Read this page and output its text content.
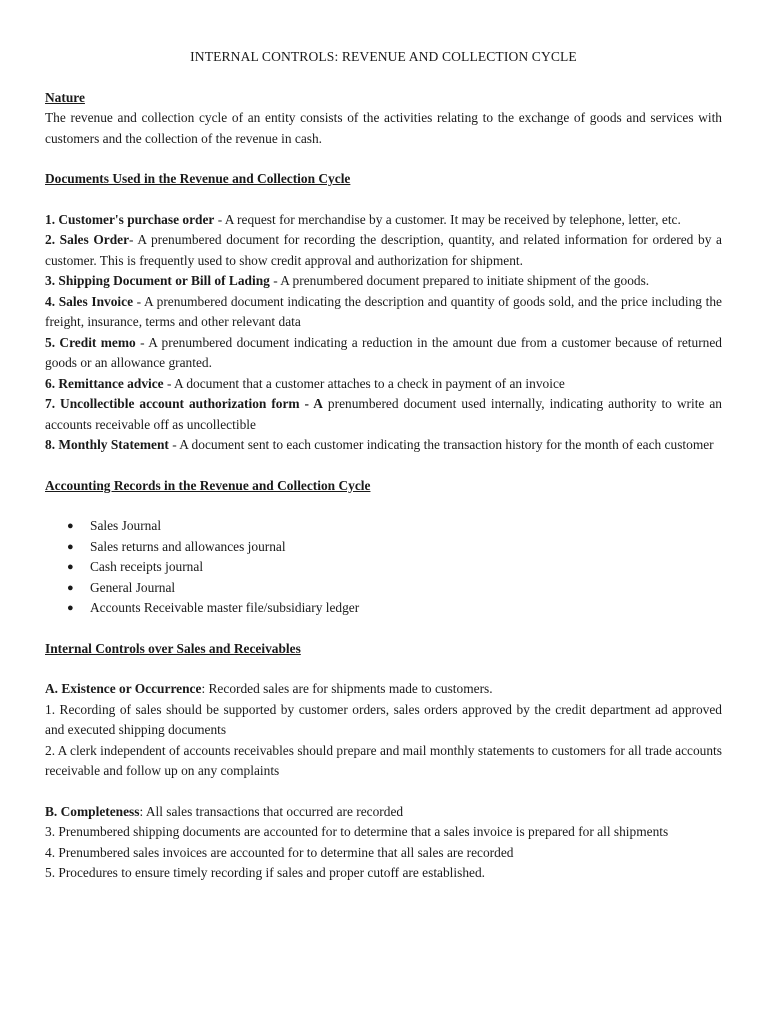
INTERNAL CONTROLS: REVENUE AND COLLECTION CYCLE

Nature

The revenue and collection cycle of an entity consists of the activities relating to the exchange of goods and services with customers and the collection of the revenue in cash.

Documents Used in the Revenue and Collection Cycle

1. Customer's purchase order - A request for merchandise by a customer. It may be received by telephone, letter, etc.

2. Sales Order- A prenumbered document for recording the description, quantity, and related information for ordered by a customer. This is frequently used to show credit approval and authorization for shipment.

3. Shipping Document or Bill of Lading - A prenumbered document prepared to initiate shipment of the goods.

4. Sales Invoice - A prenumbered document indicating the description and quantity of goods sold, and the price including the freight, insurance, terms and other relevant data

5. Credit memo - A prenumbered document indicating a reduction in the amount due from a customer because of returned goods or an allowance granted.

6. Remittance advice - A document that a customer attaches to a check in payment of an invoice

7. Uncollectible account authorization form - A prenumbered document used internally, indicating authority to write an accounts receivable off as uncollectible

8. Monthly Statement - A document sent to each customer indicating the transaction history for the month of each customer

Accounting Records in the Revenue and Collection Cycle

● Sales Journal
● Sales returns and allowances journal
● Cash receipts journal
● General Journal
● Accounts Receivable master file/subsidiary ledger

Internal Controls over Sales and Receivables

A. Existence or Occurrence: Recorded sales are for shipments made to customers.

1. Recording of sales should be supported by customer orders, sales orders approved by the credit department ad approved and executed shipping documents

2. A clerk independent of accounts receivables should prepare and mail monthly statements to customers for all trade accounts receivable and follow up on any complaints

B. Completeness: All sales transactions that occurred are recorded

3. Prenumbered shipping documents are accounted for to determine that a sales invoice is prepared for all shipments

4. Prenumbered sales invoices are accounted for to determine that all sales are recorded

5. Procedures to ensure timely recording if sales and proper cutoff are established.
